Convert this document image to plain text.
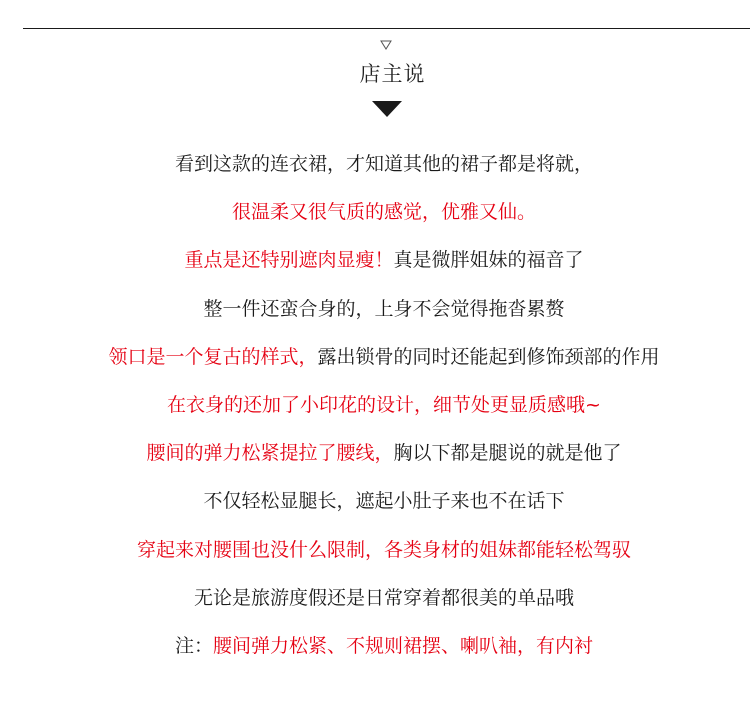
店主说
看到这款的连衣裙，才知道其他的裙子都是将就，
很温柔又很气质的感觉，优雅又仙。
重点是还特别遮肉显瘦！真是微胖姐妹的福音了
整一件还蛮合身的，上身不会觉得拖沓累赘
领口是一个复古的样式，露出锁骨的同时还能起到修饰颈部的作用
在衣身的还加了小印花的设计，细节处更显质感哦~
腰间的弹力松紧提拉了腰线，胸以下都是腿说的就是他了
不仅轻松显腿长，遮起小肚子来也不在话下
穿起来对腰围也没什么限制，各类身材的姐妹都能轻松驾驭
无论是旅游度假还是日常穿着都很美的单品哦
注：腰间弹力松紧、不规则裙摆、喇叭袖，有内衬
